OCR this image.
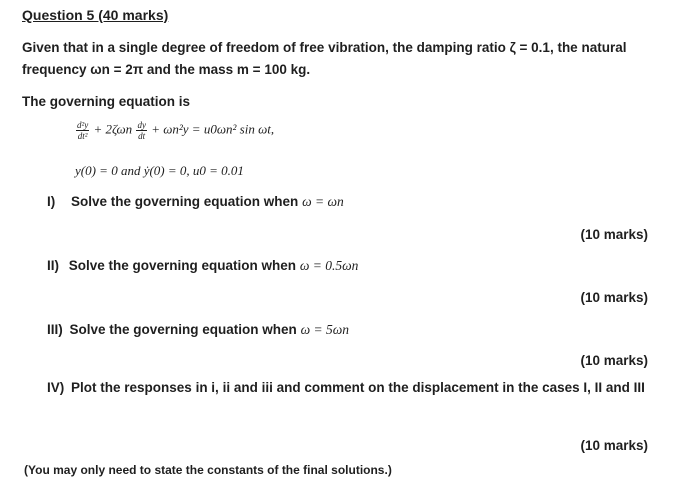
Question 5 (40 marks)
Given that in a single degree of freedom of free vibration, the damping ratio ζ = 0.1, the natural
frequency ωn = 2π and the mass m = 100 kg.
The governing equation is
$\frac{\text{d²y}}{\text{dt²}} + 2\zeta\omega n \frac{dy}{dt} + \omega n^2y = u0\omega n^2$ sin ωt,
y(0) = 0 and ẏ(0) = 0, u0 = 0.01
I) Solve the governing equation when ω = ωn
(10 marks)
II) Solve the governing equation when ω = 0.5ωn
(10 marks)
III) Solve the governing equation when ω = 5ωn
(10 marks)
IV) Plot the responses in i, ii and iii and comment on the displacement in the cases I, II and III
(10 marks)
(You may only need to state the constants of the final solutions.)
